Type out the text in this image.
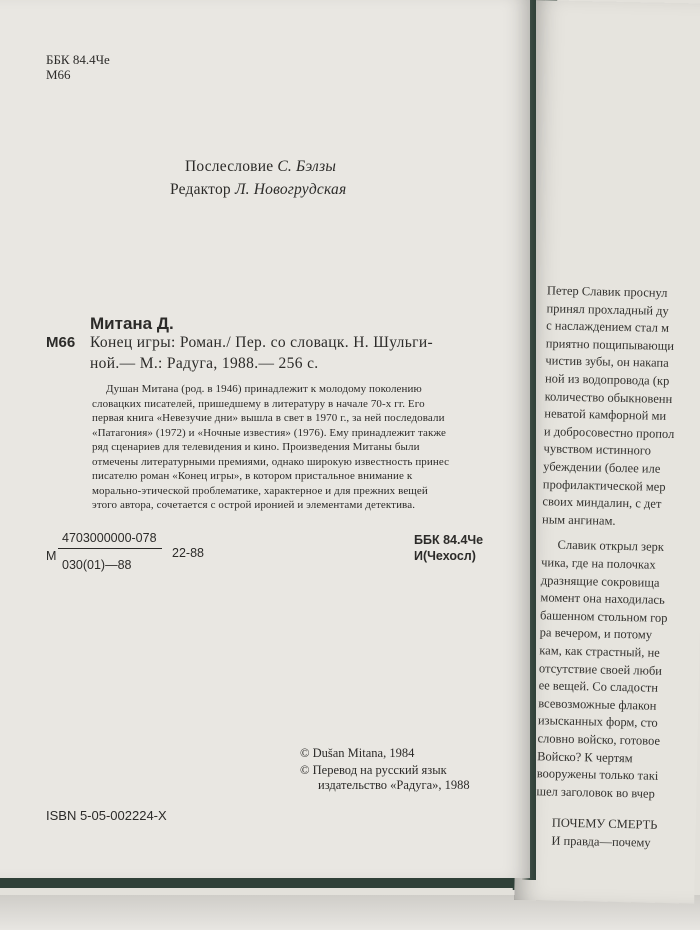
Петер Славик проснул
принял прохладный ду
с наслаждением стал м
приятно пощипывающи
чистив зубы, он накапа
ной из водопровода (кр
количество обыкновенн
неватой камфорной ми
и добросовестно пропол
чувством истинного
убеждении (более иле
профилактической мер
своих миндалин, с дет
ным ангинам.
Славик открыл зерк
чика, где на полочках
дразнящие сокровища
момент она находилась
башенном стольном гор
ра вечером, и потому
кам, как страстный, не
отсутствие своей люби
ее вещей. Со сладостн
всевозможные флакон
изысканных форм, сто
словно войско, готовое
Войско? К чертям
вооружены только такі
шел заголовок во вчер
ПОЧЕМУ СМЕРТЬ
И правда—почему
ББК 84.4Че
М66
Послесловие С. Бэлзы
Редактор Л. Новогрудская
Митана Д.
М66 Конец игры: Роман./ Пер. со словацк. Н. Шульги-
ной.— М.: Радуга, 1988.— 256 с.
Душан Митана (род. в 1946) принадлежит к молодому поколению
словацких писателей, пришедшему в литературу в начале 70-х гг. Его
первая книга «Невезучие дни» вышла в свет в 1970 г., за ней последовали
«Патагония» (1972) и «Ночные известия» (1976). Ему принадлежит также
ряд сценариев для телевидения и кино. Произведения Митаны были
отмечены литературными премиями, однако широкую известность принес
писателю роман «Конец игры», в котором пристальное внимание к
морально-этической проблематике, характерное и для прежних вещей
этого автора, сочетается с острой иронией и элементами детектива.
М
4703000000-078
22-88
030(01)—88
ББК 84.4Че
И(Чехосл)
© Dušan Mitana, 1984
© Перевод на русский язык
издательство «Радуга», 1988
ISBN 5-05-002224-X
